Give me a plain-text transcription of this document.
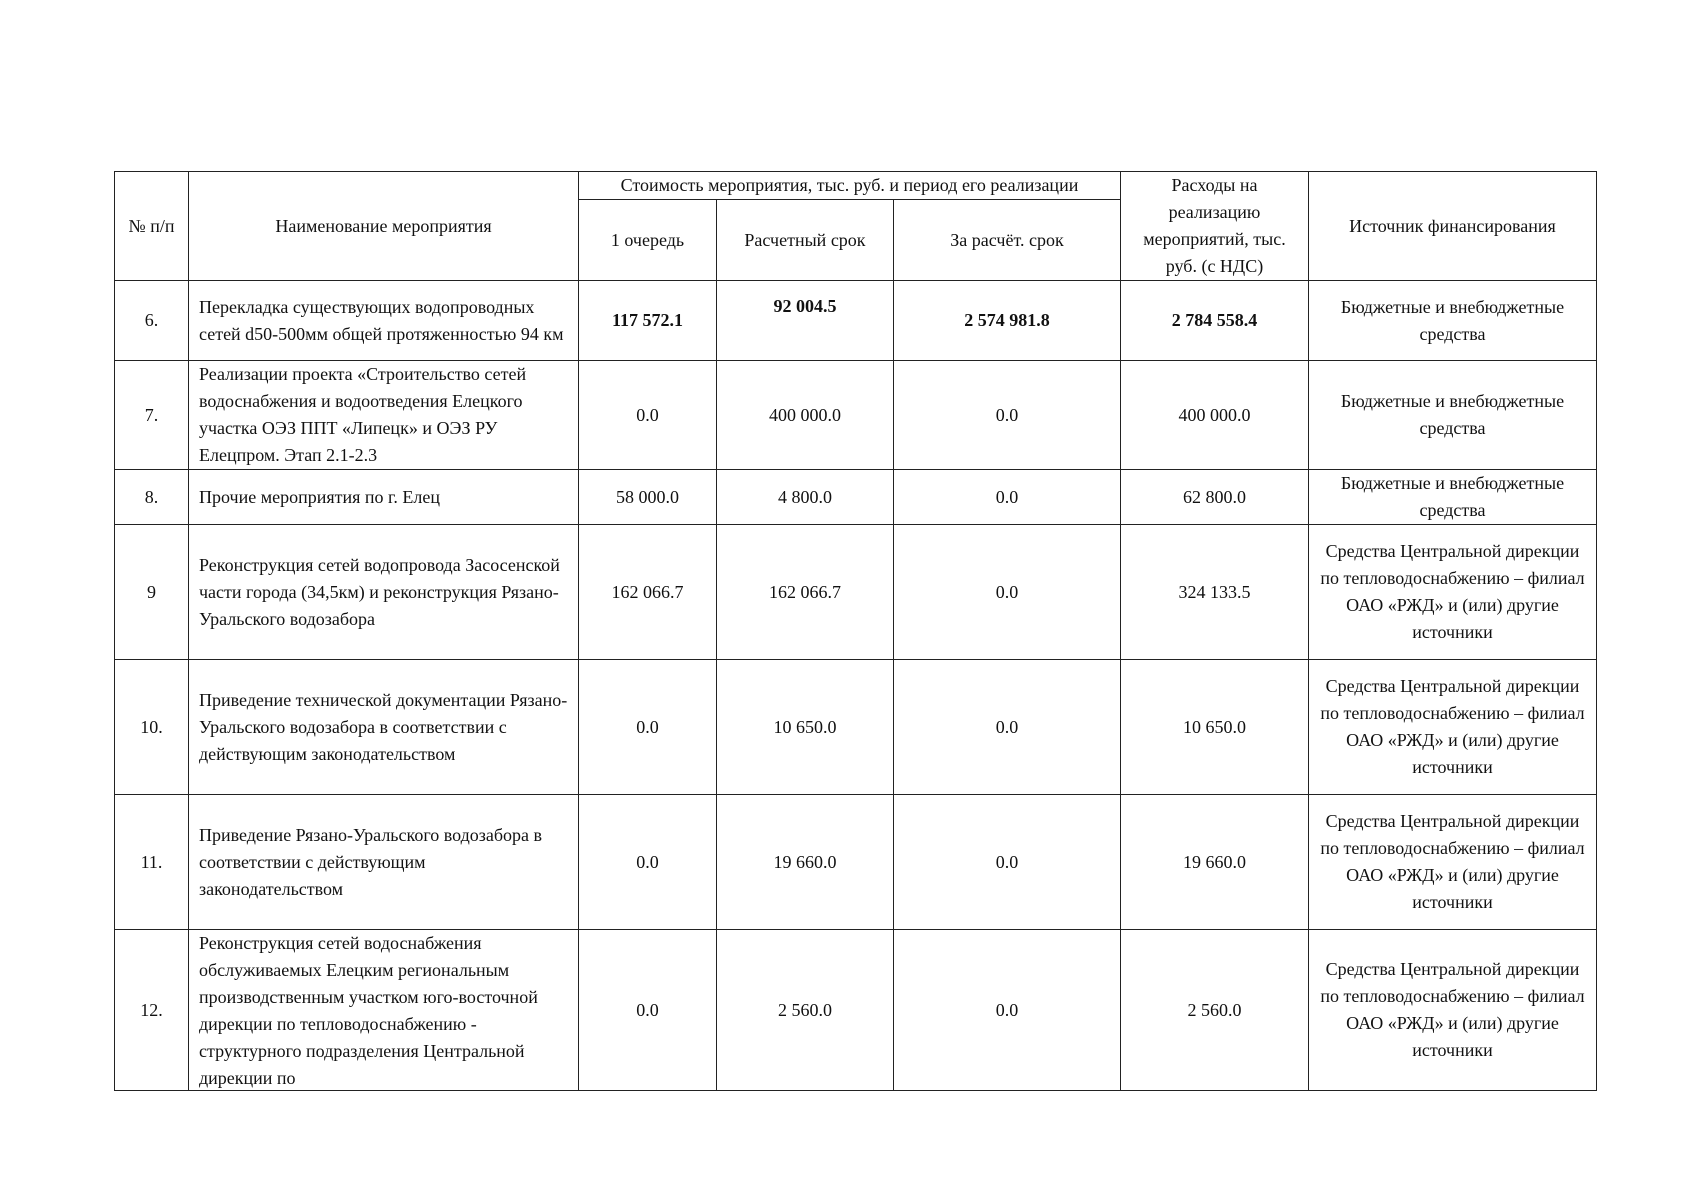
№ п/п	Наименование мероприятия	Стоимость мероприятия, тыс. руб. и период его реализации			Расходы на реализацию мероприятий, тыс. руб. (с НДС)	Источник финансирования
		1 очередь	Расчетный срок	За расчёт. срок		
6.	Перекладка существующих водопроводных сетей d50-500мм общей протяженностью 94 км	117 572.1	92 004.5	2 574 981.8	2 784 558.4	Бюджетные и внебюджетные средства
7.	Реализации проекта «Строительство сетей водоснабжения и водоотведения Елецкого участка ОЭЗ ППТ «Липецк» и ОЭЗ РУ Елецпром. Этап 2.1-2.3	0.0	400 000.0	0.0	400 000.0	Бюджетные и внебюджетные средства
8.	Прочие мероприятия по г. Елец	58 000.0	4 800.0	0.0	62 800.0	Бюджетные и внебюджетные средства
9	Реконструкция сетей водопровода Засосенской части города (34,5км) и реконструкция Рязано-Уральского водозабора	162 066.7	162 066.7	0.0	324 133.5	Средства Центральной дирекции по тепловодоснабжению – филиал ОАО «РЖД» и (или) другие источники
10.	Приведение технической документации Рязано-Уральского водозабора в соответствии с действующим законодательством	0.0	10 650.0	0.0	10 650.0	Средства Центральной дирекции по тепловодоснабжению – филиал ОАО «РЖД» и (или) другие источники
11.	Приведение Рязано-Уральского водозабора в соответствии с действующим законодательством	0.0	19 660.0	0.0	19 660.0	Средства Центральной дирекции по тепловодоснабжению – филиал ОАО «РЖД» и (или) другие источники
12.	Реконструкция сетей водоснабжения обслуживаемых Елецким региональным производственным участком юго-восточной дирекции по тепловодоснабжению - структурного подразделения Центральной дирекции по	0.0	2 560.0	0.0	2 560.0	Средства Центральной дирекции по тепловодоснабжению – филиал ОАО «РЖД» и (или) другие источники
